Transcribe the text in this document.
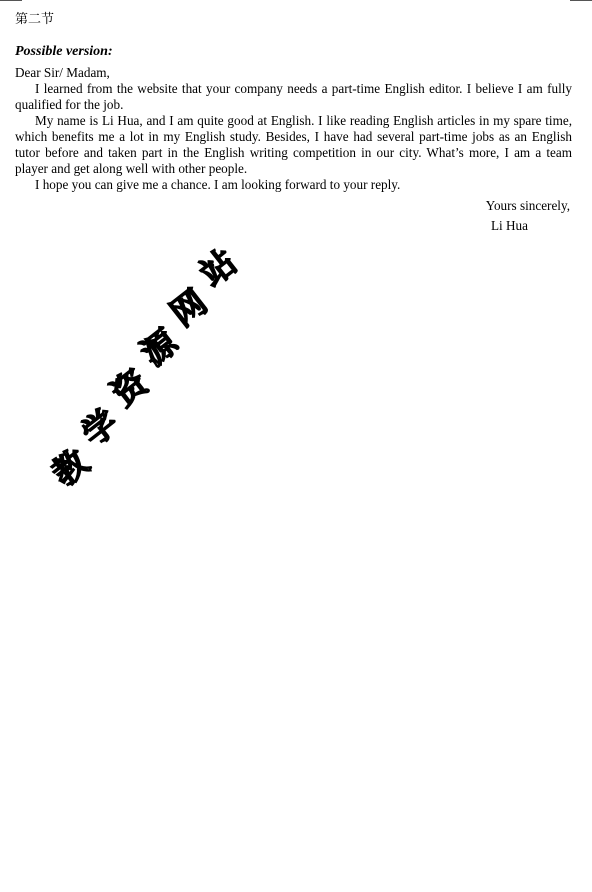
第二节
Possible version:

Dear Sir/ Madam,

I learned from the website that your company needs a part-time English editor. I believe I am fully qualified for the job.

My name is Li Hua, and I am quite good at English. I like reading English articles in my spare time, which benefits me a lot in my English study. Besides, I have had several part-time jobs as an English tutor before and taken part in the English writing competition in our city. What’s more, I am a team player and get along well with other people.

I hope you can give me a chance. I am looking forward to your reply.

Yours sincerely,
Li Hua
教
学
资
源
网
站
